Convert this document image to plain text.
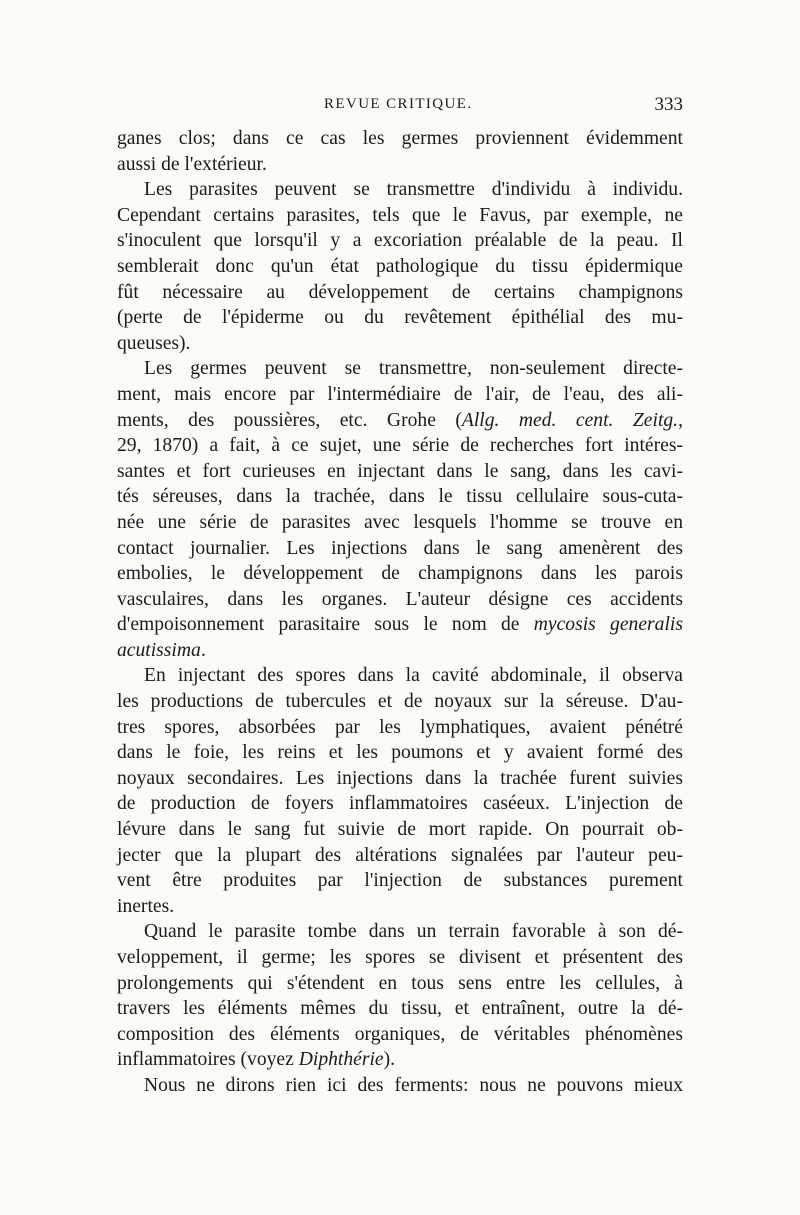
REVUE CRITIQUE.	333
ganes clos; dans ce cas les germes proviennent évidemment
aussi de l'extérieur.
Les parasites peuvent se transmettre d'individu à individu.
Cependant certains parasites, tels que le Favus, par exemple, ne
s'inoculent que lorsqu'il y a excoriation préalable de la peau. Il
semblerait donc qu'un état pathologique du tissu épidermique
fût nécessaire au développement de certains champignons
(perte de l'épiderme ou du revêtement épithélial des mu-
queuses).
Les germes peuvent se transmettre, non-seulement directe-
ment, mais encore par l'intermédiaire de l'air, de l'eau, des ali-
ments, des poussières, etc. Grohe (Allg. med. cent. Zeitg.,
29, 1870) a fait, à ce sujet, une série de recherches fort intéres-
santes et fort curieuses en injectant dans le sang, dans les cavi-
tés séreuses, dans la trachée, dans le tissu cellulaire sous-cuta-
née une série de parasites avec lesquels l'homme se trouve en
contact journalier. Les injections dans le sang amenèrent des
embolies, le développement de champignons dans les parois
vasculaires, dans les organes. L'auteur désigne ces accidents
d'empoisonnement parasitaire sous le nom de mycosis generalis
acutissima.
En injectant des spores dans la cavité abdominale, il observa
les productions de tubercules et de noyaux sur la séreuse. D'au-
tres spores, absorbées par les lymphatiques, avaient pénétré
dans le foie, les reins et les poumons et y avaient formé des
noyaux secondaires. Les injections dans la trachée furent suivies
de production de foyers inflammatoires caséeux. L'injection de
lévure dans le sang fut suivie de mort rapide. On pourrait ob-
jecter que la plupart des altérations signalées par l'auteur peu-
vent être produites par l'injection de substances purement
inertes.
Quand le parasite tombe dans un terrain favorable à son dé-
veloppement, il germe; les spores se divisent et présentent des
prolongements qui s'étendent en tous sens entre les cellules, à
travers les éléments mêmes du tissu, et entraînent, outre la dé-
composition des éléments organiques, de véritables phénomènes
inflammatoires (voyez Diphthérie).
Nous ne dirons rien ici des ferments: nous ne pouvons mieux
